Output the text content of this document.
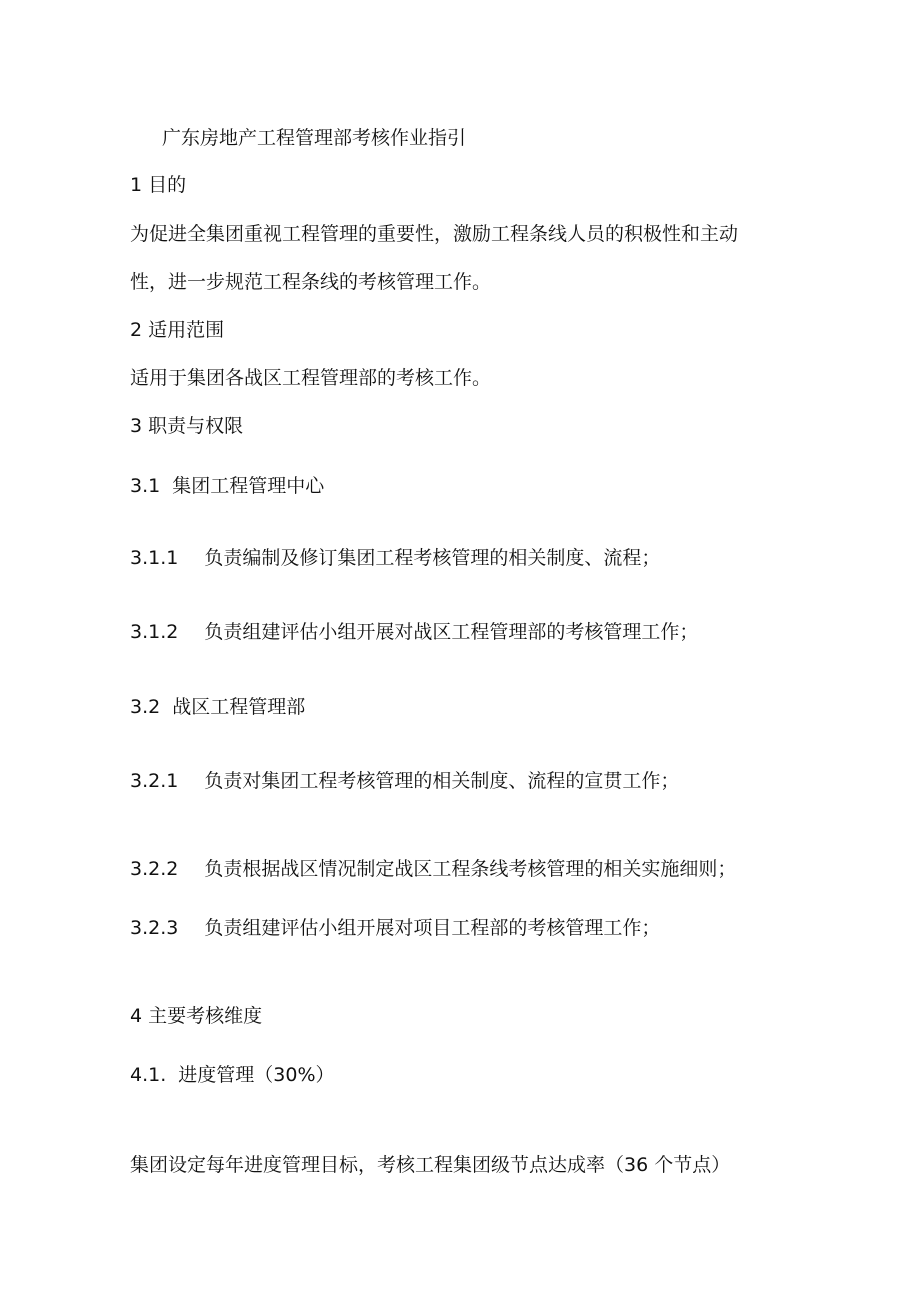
广东房地产工程管理部考核作业指引

1 目的

为促进全集团重视工程管理的重要性，激励工程条线人员的积极性和主动

性，进一步规范工程条线的考核管理工作。

2 适用范围

适用于集团各战区工程管理部的考核工作。

3 职责与权限

3.1 集团工程管理中心

3.1.1 负责编制及修订集团工程考核管理的相关制度、流程；

3.1.2 负责组建评估小组开展对战区工程管理部的考核管理工作；

3.2 战区工程管理部

3.2.1 负责对集团工程考核管理的相关制度、流程的宣贯工作；

3.2.2 负责根据战区情况制定战区工程条线考核管理的相关实施细则；

3.2.3 负责组建评估小组开展对项目工程部的考核管理工作；

4 主要考核维度

4.1. 进度管理（30%）

集团设定每年进度管理目标，考核工程集团级节点达成率（36 个节点）
